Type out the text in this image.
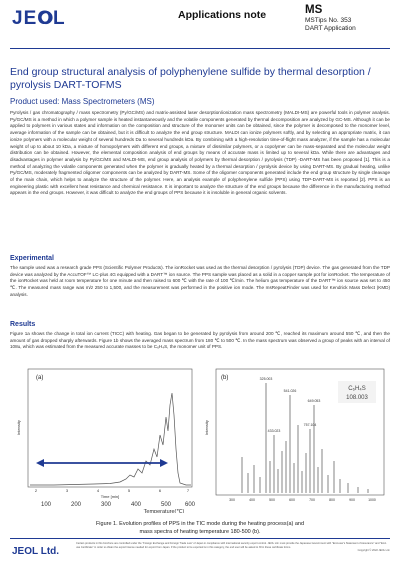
JEOL	Applications note	MS
MSTips No. 353
DART Application
End group structural analysis of polyphenylene sulfide by thermal desorption / pyrolysis DART-TOFMS
Product used: Mass Spectrometers (MS)

Pyrolysis / gas chromatography / mass spectrometry (Py/GC/MS) and matrix-assisted laser desorption/ionization mass spectrometry (MALDI-MS) are powerful tools in polymer analysis. Py/GC/MS is a method in which a polymer sample is heated instantaneously and the volatile components generated by thermal decomposition are analyzed by GC-MS. Although it can be applied to polymers in various states and information on the composition and structure of the monomer units can be obtained, since the polymer is decomposed to the monomer level, average information of the sample can be obtained, but it is difficult to analyze the end group structure. MALDI can ionize polymers softly, and by selecting an appropriate matrix, it can ionize polymers with a molecular weight of several hundreds Da to several hundreds kDa. By combining with a high-resolution time-of-flight mass analyzer, if the sample has a molecular weight of up to about 10 kDa, a mixture of homopolymers with different end groups, a mixture of dissimilar polymers, or a copolymer can be mass-separated and the molecular weight distribution can be obtained. However, the elemental composition analysis of end groups by means of accurate mass is limited up to several kDa. While there are advantages and disadvantages in polymer analysis by Py/GC/MS and MALDI-MS, end group analysis of polymers by thermal desorption / pyrolysis (TDP) -DART-MS has been proposed [1]. This is a method of analyzing the volatile components generated when the polymer is gradually heated by a thermal desorption / pyrolysis device by using DART-MS. By gradual heating, unlike Py/GC/MS, moderately fragmented oligomer components can be analyzed by DART-MS. Some of the oligomer components generated include the end group structure by single cleavage of the main chain, which helps to analyze the structure of the polymer. Here, an analysis example of polyphenylene sulfide (PPS) using TDP-DART-MS is reported [2]. PPS is an engineering plastic with excellent heat resistance and chemical resistance. It is important to analyze the structure of the end groups because the difference in the manufacturing method appears in the end groups. However, it was difficult to analyze the end groups of PPS because it is insoluble in general organic solvents.

Experimental

The sample used was a research grade PPS (Scientific Polymer Products). The ionRocket was used as the thermal desorption / pyrolysis (TDP) device. The gas generated from the TDP device was analyzed by the AccuTOF™ LC-plus 4G equipped with a DART™ ion source. The PPS sample was placed as a solid in a copper sample pot for ionRocket. The temperature of the ionRocket was held at room temperature for one minute and then raised to 600 ℃ with the rate of 100 ℃/min. The helium gas temperature of the DART™ ion source was set to 450 ℃. The measured mass range was m/z 250 to 1,500, and the measurement was performed in the positive ion mode. The msRepeatFinder was used for Kendrick Mass Defect (KMD) analysis.

Results

Figure 1a shows the change in total ion current (TICC) with heating. Gas began to be generated by pyrolysis from around 200 ℃, reached its maximum around 550 ℃, and then the amount of gas dropped sharply afterwards. Figure 1b shows the averaged mass spectrum from 180 ℃ to 500 ℃. In the mass spectrum was observed a group of peaks with an interval of 108u, which was estimated from the measured accurate masses to be C₆H₄S, the monomer unit of PPS.

(a)
Intensity
2	3	4	5	6	7
Time [min]
100	200	300	400	500 600
Temperature(℃)
(b)
Intensity
C₆H₄S
108.003
325.003
541.026
433.023
649.053
757.104
300	400	500	600	700	800	900	1000
Figure 1. Evolution profiles of PPS in the TIC mode during the heating process(a) and
mass spectra of heating temperature 180-500 (b).
JEOL Ltd.
Certain products in this brochure are controlled under the "Foreign Exchange and Foreign Trade Law" of Japan in compliance with international security export control. JEOL Ltd. must provide the Japanese Government with "End-user's Statement of Assurance" and "End-use Certificate" in order to obtain the export license needed for export from Japan. If the product to be exported is in this category, the end user will be asked to fill in these certificate forms.
Copyright © 2022 JEOL Ltd.
